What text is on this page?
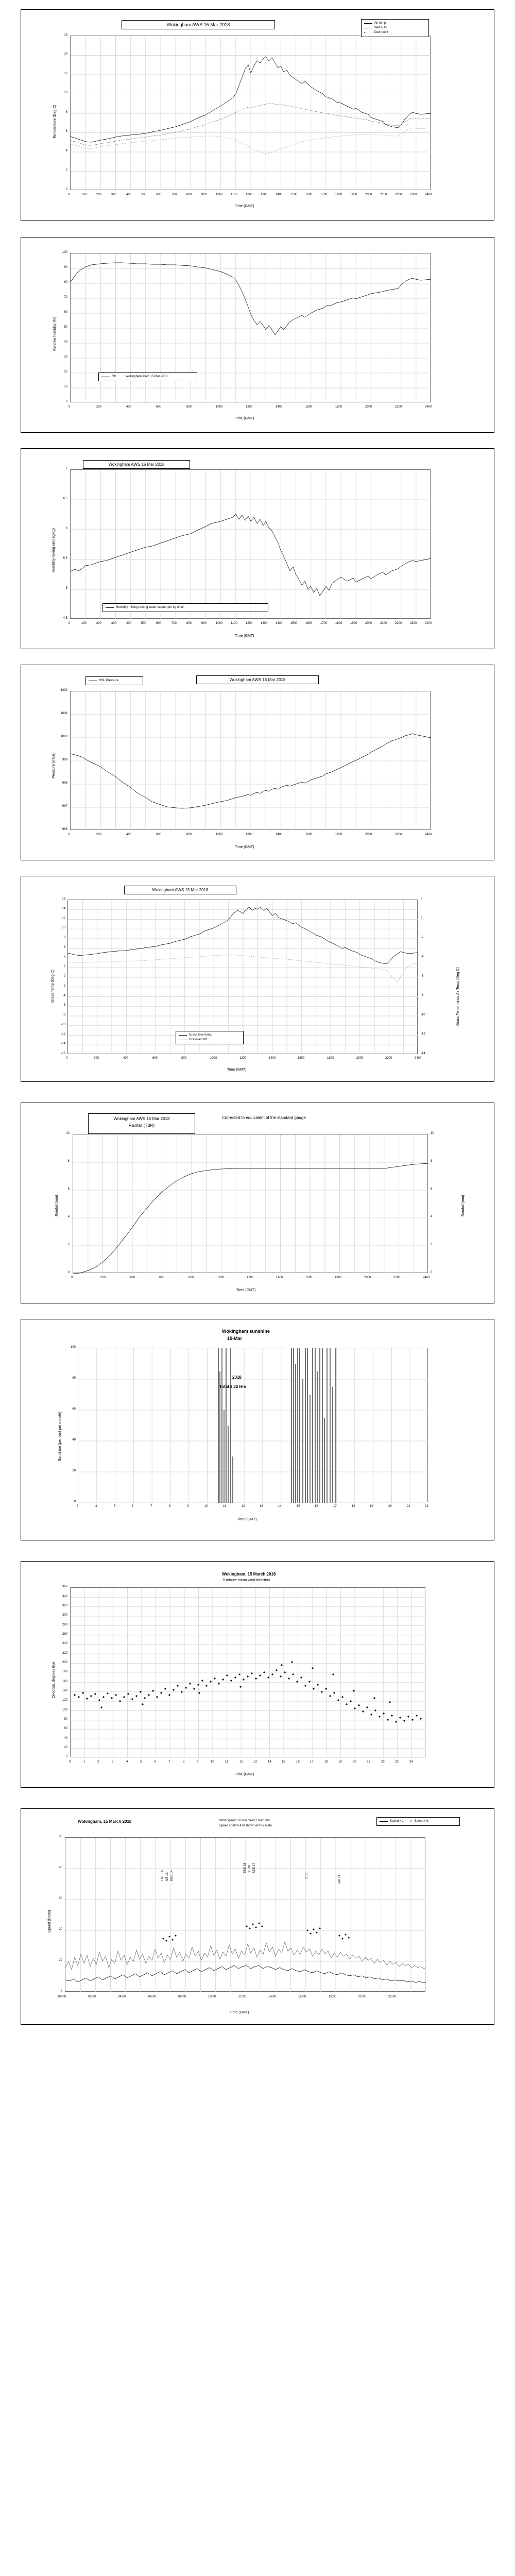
Wokingham AWS 15 Mar 2018	Air temp
Wet bulb
Dew point
Temperature (Deg C)
Time (GMT)
0
2
4
6
8
10
12
14
16
0	100	200	300	400	500	600	700	800	900	1000	1100	1200	1300	1400	1500	1600	1700	1800	1900	2000	2100	2200	2300	2400
RH	Wokingham AWS 15 Mar 2018
Relative humidity (%)
Time (GMT)
0
10
20
30
40
50
60
70
80
90
100
0	200	400	600	800	1000	1200	1400	1600	1800	2000	2200	2400
Wokingham AWS 15 Mar 2018
Humidity mixing ratio, g water vapour per kg of air
Humidity mixing ratio (g/Kg)
Time (GMT)
4.5
5
5.5
6
6.5
7
0	100	200	300	400	500	600	700	800	900	1000	1100	1200	1300	1400	1500	1600	1700	1800	1900	2000	2100	2200	2300	2400
MSL Pressure	Wokingham AWS 15 Mar 2018
Pressure (mbar)
Time (GMT)
996
997
998
999
1000
1001
1002
0	200	400	600	800	1000	1200	1400	1600	1800	2000	2200	2400
Wokingham AWS 15 Mar 2018
Grass level temp
Grass-air diff
Grass Temp (Deg C)	Grass Temp minus Air Temp (Deg C)
Time (GMT)
16
14
12
10
8
6
4
2
0
-2
-4
-6
-8
-10
-12
-14
-16
2
0
-2
-4
-6
-8
-10
-12
-14
0	200	400	600	800	1000	1200	1400	1600	1800	2000	2200	2400
Wokingham AWS 15 Mar 2018
Rainfall (TBR)
Corrected to equivalent of the standard gauge
Rainfall (mm)	Rainfall (mm)
Time (GMT)
0
2
4
6
8
10
0
2
4
6
8
10
0	200	400	600	800	1000	1200	1400	1600	1800	2000	2200	2400
Wokingham sunshine
15-Mar
2018
Total 2.32 Hrs
Sunshine (per cent per minute)
Time (GMT)
0
20
40
60
80
100
3	4	5	6	7	8	9	10	11	12	13	14	15	16	17	18	19	20	21	22
Wokingham, 15 March 2018
5 minute mean wind direction
Direction, degrees true
Time (GMT)
0
20
40
60
80
100
120
140
160
180
200
220
240
260
280
300
320
340
360
0	1	2	3	4	5	6	7	8	9	10	11	12	13	14	15	16	17	18	19	20	21	22	23	24
Wokingham, 15 March 2018	Wind speed: 10 min mean / max gust
Speeds below 4 kt shown at 0 G scale
Speed x 1 ◇ Speed / kt
Speed (knots)
Time (GMT)
0
10
20
30
40
50
00:00	02:00	04:00	06:00	08:00	10:00	12:00	14:00	16:00	18:00	20:00	22:00
ENE 16 NE 13 ENE 14
ESE 15 SE 18 SSE 17
S 16	SW 14
